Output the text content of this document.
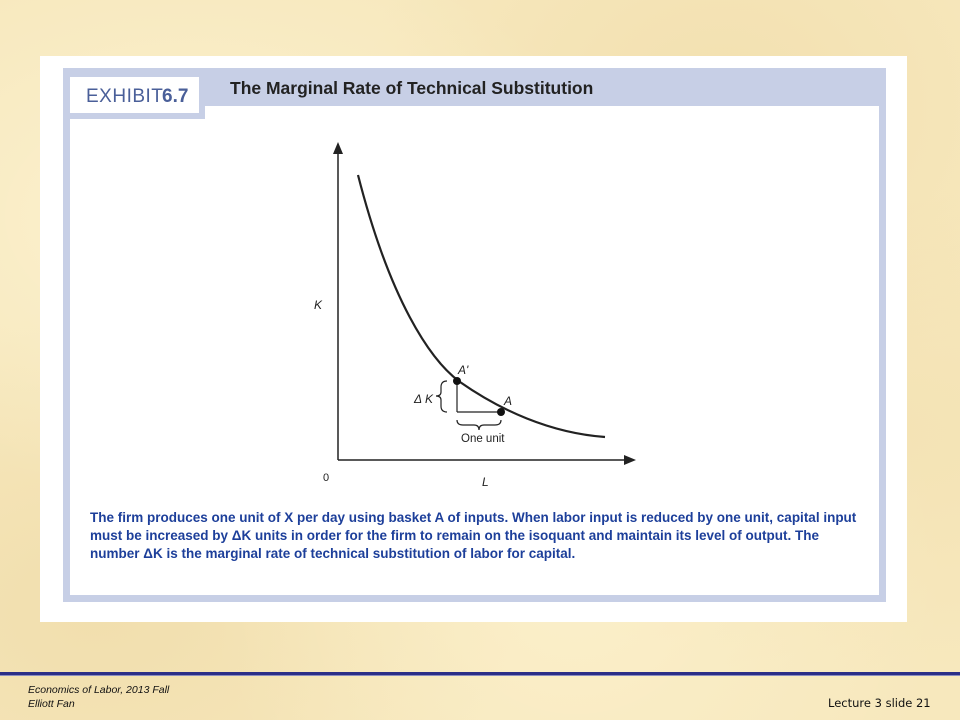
EXHIBIT
6.7 The Marginal Rate of Technical Substitution
K
L
0
A'
A
Δ K
One unit
The firm produces one unit of X per day using basket A of inputs. When labor input is reduced by one unit, capital input must be increased by ΔK units in order for the firm to remain on the isoquant and maintain its level of output. The number ΔK is the marginal rate of technical substitution of labor for capital.
Economics of Labor, 2013 Fall
Elliott Fan	Lecture 3 slide 21
